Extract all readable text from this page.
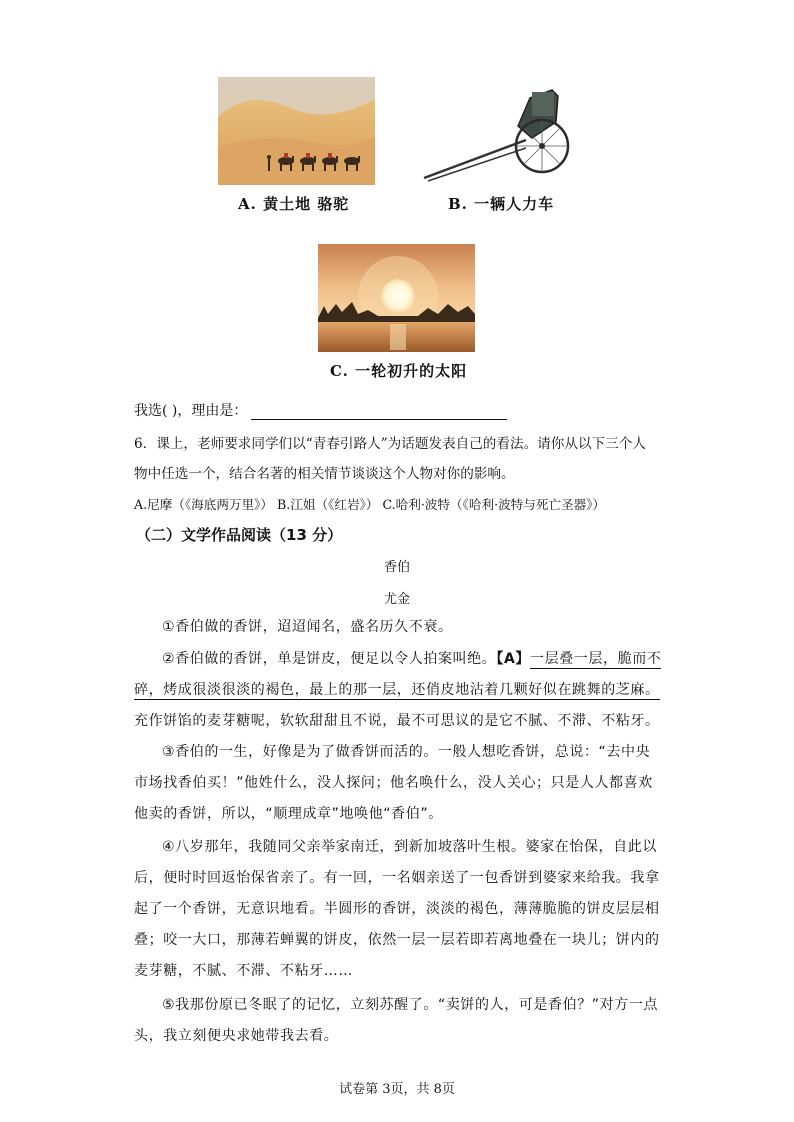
A. 黄土地 骆驼	B. 一辆人力车
C. 一轮初升的太阳
我选( )，理由是：
6．课上，老师要求同学们以“青春引路人”为话题发表自己的看法。请你从以下三个人
物中任选一个，结合名著的相关情节谈谈这个人物对你的影响。
A.尼摩（《海底两万里》） B.江姐（《红岩》） C.哈利·波特（《哈利·波特与死亡圣器》）
（二）文学作品阅读（13 分）
香伯
尤金
①香伯做的香饼，迢迢闻名，盛名历久不衰。
②香伯做的香饼，单是饼皮，便足以令人拍案叫绝。【A】一层叠一层，脆而不碎，烤成很淡很淡的褐色，最上的那一层，还俏皮地沾着几颗好似在跳舞的芝麻。充作饼馅的麦芽糖呢，软软甜甜且不说，最不可思议的是它不腻、不滞、不粘牙。
③香伯的一生，好像是为了做香饼而活的。一般人想吃香饼，总说：“去中央市场找香伯买！”他姓什么，没人探问；他名唤什么，没人关心；只是人人都喜欢他卖的香饼，所以，“顺理成章”地唤他“香伯”。
④八岁那年，我随同父亲举家南迁，到新加坡落叶生根。婆家在怡保，自此以后，便时时回返怡保省亲了。有一回，一名姻亲送了一包香饼到婆家来给我。我拿起了一个香饼，无意识地看。半圆形的香饼，淡淡的褐色，薄薄脆脆的饼皮层层相叠；咬一大口，那薄若蝉翼的饼皮，依然一层一层若即若离地叠在一块儿；饼内的麦芽糖，不腻、不滞、不粘牙……
⑤我那份原已冬眠了的记忆，立刻苏醒了。“卖饼的人，可是香伯？”对方一点头，我立刻便央求她带我去看。
试卷第 3页，共 8页
